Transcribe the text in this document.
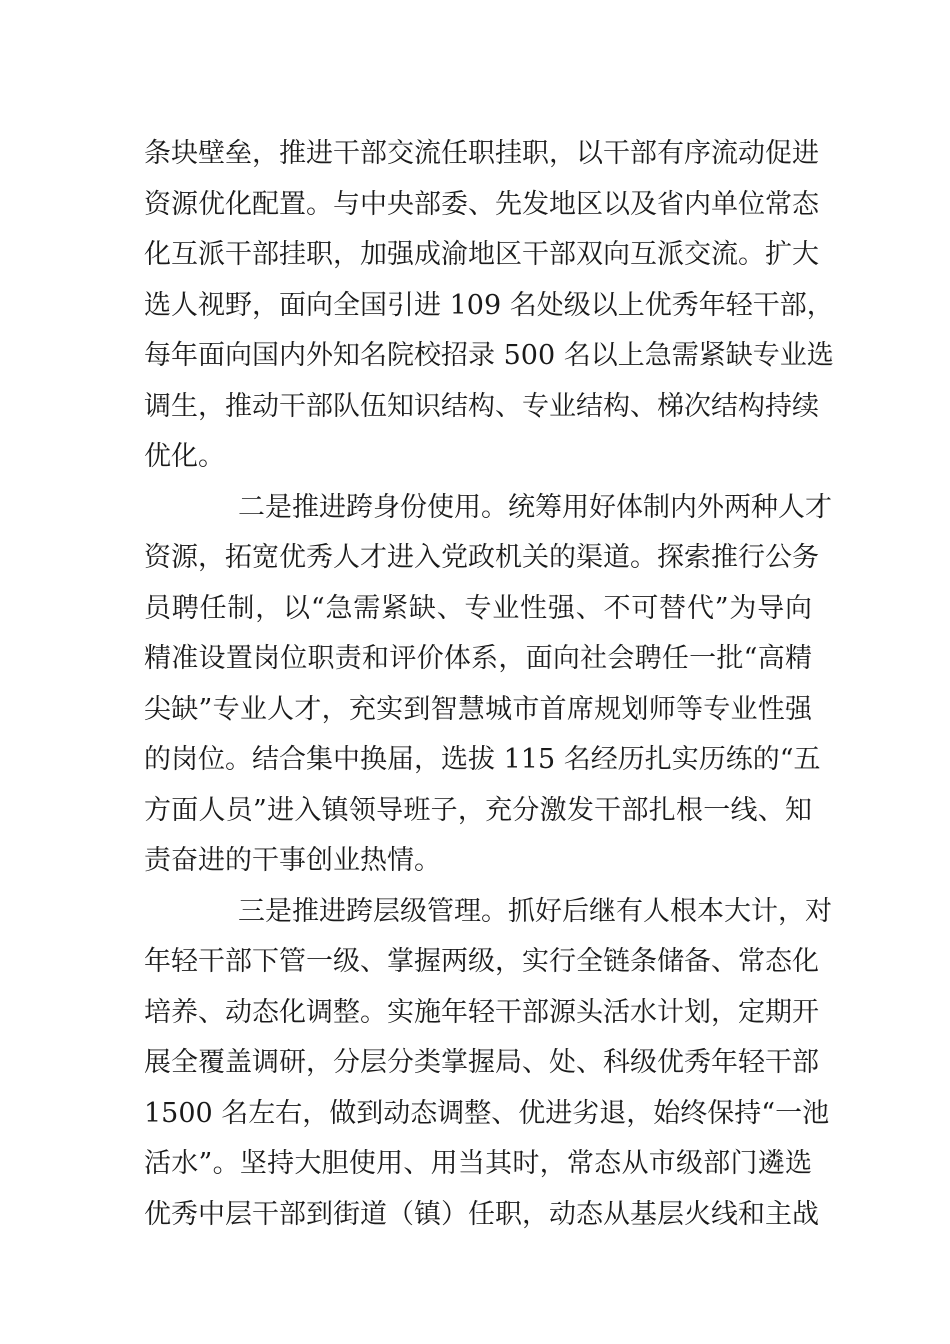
条块壁垒，推进干部交流任职挂职，以干部有序流动促进
资源优化配置。与中央部委、先发地区以及省内单位常态
化互派干部挂职，加强成渝地区干部双向互派交流。扩大
选人视野，面向全国引进 109 名处级以上优秀年轻干部，
每年面向国内外知名院校招录 500 名以上急需紧缺专业选
调生，推动干部队伍知识结构、专业结构、梯次结构持续
优化。
二是推进跨身份使用。统筹用好体制内外两种人才
资源，拓宽优秀人才进入党政机关的渠道。探索推行公务
员聘任制，以“急需紧缺、专业性强、不可替代”为导向
精准设置岗位职责和评价体系，面向社会聘任一批“高精
尖缺”专业人才，充实到智慧城市首席规划师等专业性强
的岗位。结合集中换届，选拔 115 名经历扎实历练的“五
方面人员”进入镇领导班子，充分激发干部扎根一线、知
责奋进的干事创业热情。
三是推进跨层级管理。抓好后继有人根本大计，对
年轻干部下管一级、掌握两级，实行全链条储备、常态化
培养、动态化调整。实施年轻干部源头活水计划，定期开
展全覆盖调研，分层分类掌握局、处、科级优秀年轻干部
1500 名左右，做到动态调整、优进劣退，始终保持“一池
活水”。坚持大胆使用、用当其时，常态从市级部门遴选
优秀中层干部到街道（镇）任职，动态从基层火线和主战
